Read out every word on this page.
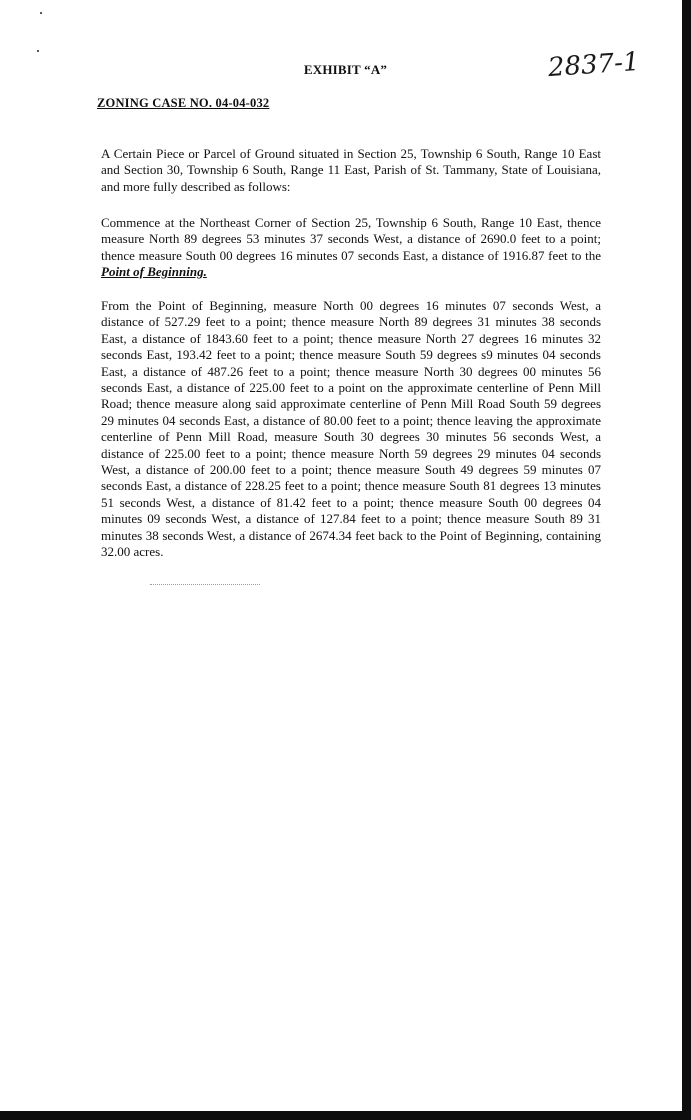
EXHIBIT “A”	2837-1
ZONING CASE NO. 04-04-032
A Certain Piece or Parcel of Ground situated in Section 25, Township 6 South, Range 10 East and Section 30, Township 6 South, Range 11 East, Parish of St. Tammany, State of Louisiana, and more fully described as follows:
Commence at the Northeast Corner of Section 25, Township 6 South, Range 10 East, thence measure North 89 degrees 53 minutes 37 seconds West, a distance of 2690.0 feet to a point; thence measure South 00 degrees 16 minutes 07 seconds East, a distance of 1916.87 feet to the Point of Beginning.
From the Point of Beginning, measure North 00 degrees 16 minutes 07 seconds West, a distance of 527.29 feet to a point; thence measure North 89 degrees 31 minutes 38 seconds East, a distance of 1843.60 feet to a point; thence measure North 27 degrees 16 minutes 32 seconds East, 193.42 feet to a point; thence measure South 59 degrees s9 minutes 04 seconds East, a distance of 487.26 feet to a point; thence measure North 30 degrees 00 minutes 56 seconds East, a distance of 225.00 feet to a point on the approximate centerline of Penn Mill Road; thence measure along said approximate centerline of Penn Mill Road South 59 degrees 29 minutes 04 seconds East, a distance of 80.00 feet to a point; thence leaving the approximate centerline of Penn Mill Road, measure South 30 degrees 30 minutes 56 seconds West, a distance of 225.00 feet to a point; thence measure North 59 degrees 29 minutes 04 seconds West, a distance of 200.00 feet to a point; thence measure South 49 degrees 59 minutes 07 seconds East, a distance of 228.25 feet to a point; thence measure South 81 degrees 13 minutes 51 seconds West, a distance of 81.42 feet to a point; thence measure South 00 degrees 04 minutes 09 seconds West, a distance of 127.84 feet to a point; thence measure South 89 31 minutes 38 seconds West, a distance of 2674.34 feet back to the Point of Beginning, containing 32.00 acres.
